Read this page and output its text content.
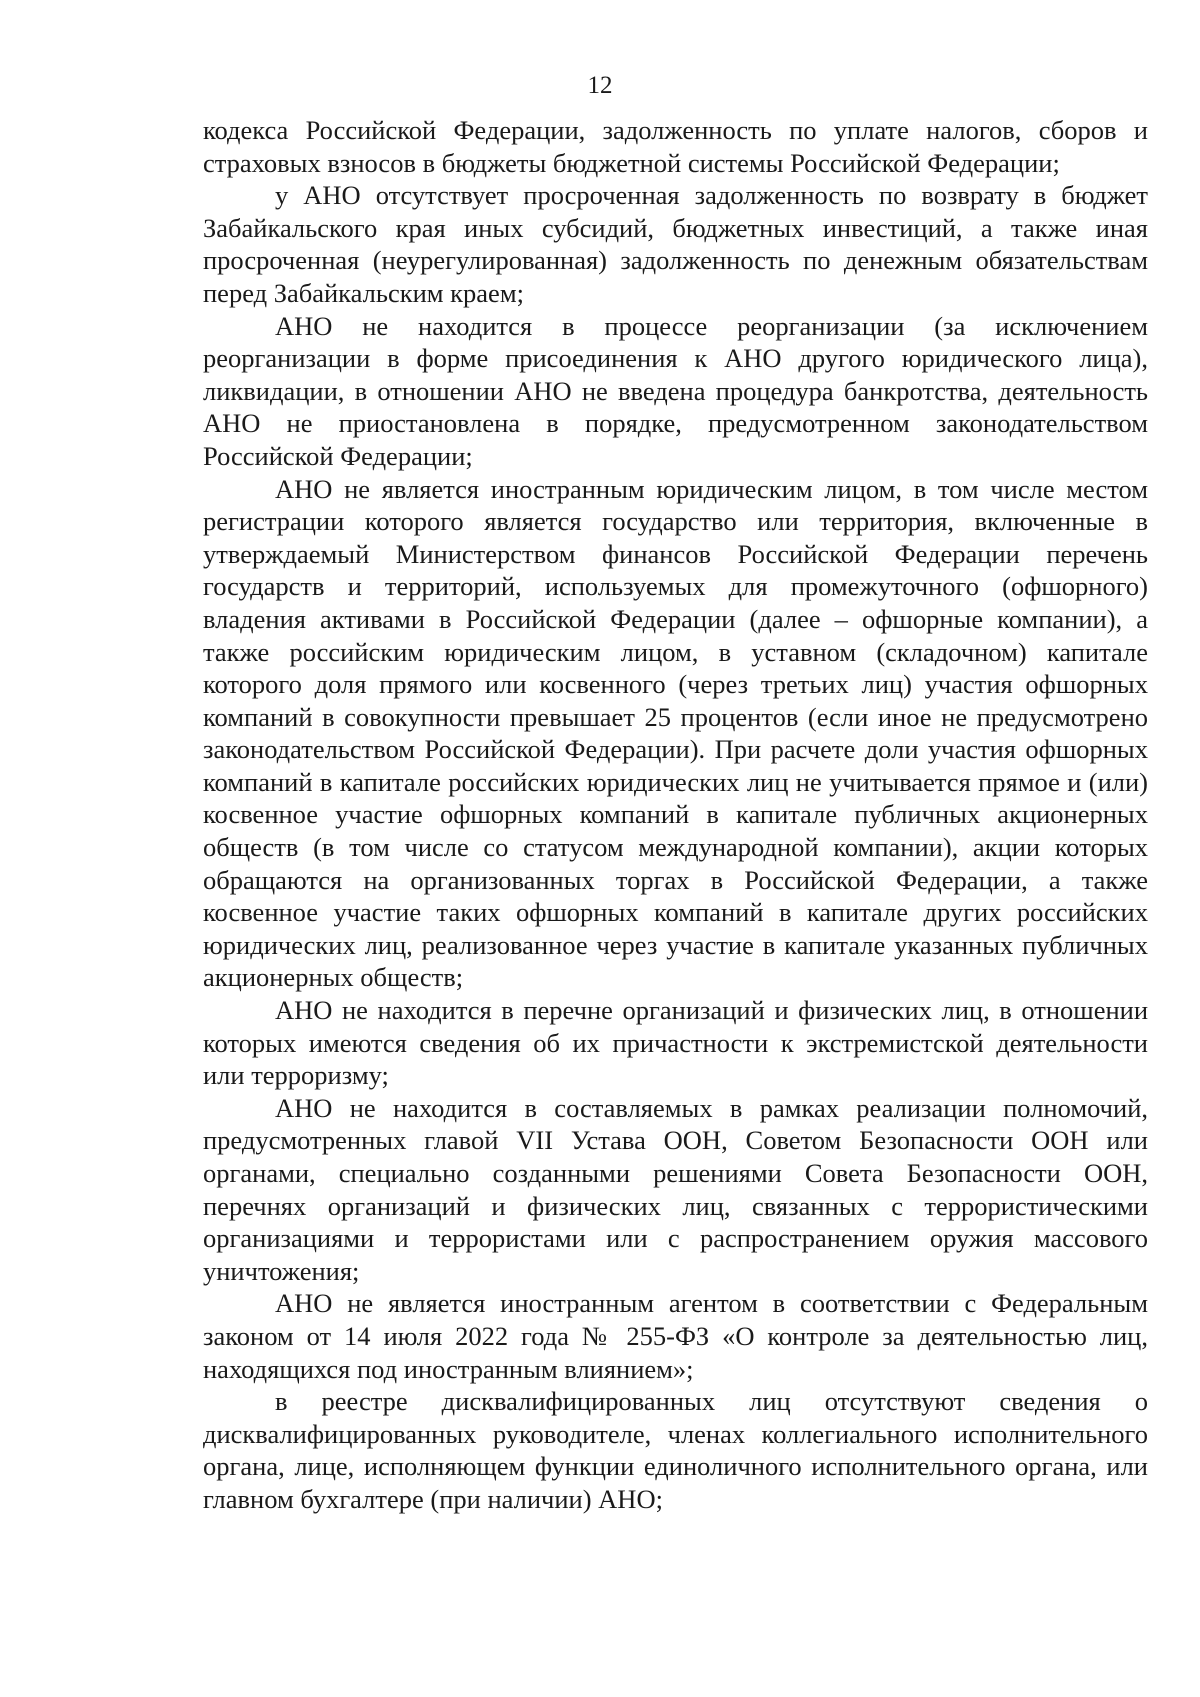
12

кодекса Российской Федерации, задолженность по уплате налогов, сборов и страховых взносов в бюджеты бюджетной системы Российской Федерации;

у АНО отсутствует просроченная задолженность по возврату в бюджет Забайкальского края иных субсидий, бюджетных инвестиций, а также иная просроченная (неурегулированная) задолженность по денежным обязательствам перед Забайкальским краем;

АНО не находится в процессе реорганизации (за исключением реорганизации в форме присоединения к АНО другого юридического лица), ликвидации, в отношении АНО не введена процедура банкротства, деятельность АНО не приостановлена в порядке, предусмотренном законодательством Российской Федерации;

АНО не является иностранным юридическим лицом, в том числе местом регистрации которого является государство или территория, включенные в утверждаемый Министерством финансов Российской Федерации перечень государств и территорий, используемых для промежуточного (офшорного) владения активами в Российской Федерации (далее – офшорные компании), а также российским юридическим лицом, в уставном (складочном) капитале которого доля прямого или косвенного (через третьих лиц) участия офшорных компаний в совокупности превышает 25 процентов (если иное не предусмотрено законодательством Российской Федерации). При расчете доли участия офшорных компаний в капитале российских юридических лиц не учитывается прямое и (или) косвенное участие офшорных компаний в капитале публичных акционерных обществ (в том числе со статусом международной компании), акции которых обращаются на организованных торгах в Российской Федерации, а также косвенное участие таких офшорных компаний в капитале других российских юридических лиц, реализованное через участие в капитале указанных публичных акционерных обществ;

АНО не находится в перечне организаций и физических лиц, в отношении которых имеются сведения об их причастности к экстремистской деятельности или терроризму;

АНО не находится в составляемых в рамках реализации полномочий, предусмотренных главой VII Устава ООН, Советом Безопасности ООН или органами, специально созданными решениями Совета Безопасности ООН, перечнях организаций и физических лиц, связанных с террористическими организациями и террористами или с распространением оружия массового уничтожения;

АНО не является иностранным агентом в соответствии с Федеральным законом от 14 июля 2022 года № 255-ФЗ «О контроле за деятельностью лиц, находящихся под иностранным влиянием»;

в реестре дисквалифицированных лиц отсутствуют сведения о дисквалифицированных руководителе, членах коллегиального исполнительного органа, лице, исполняющем функции единоличного исполнительного органа, или главном бухгалтере (при наличии) АНО;
